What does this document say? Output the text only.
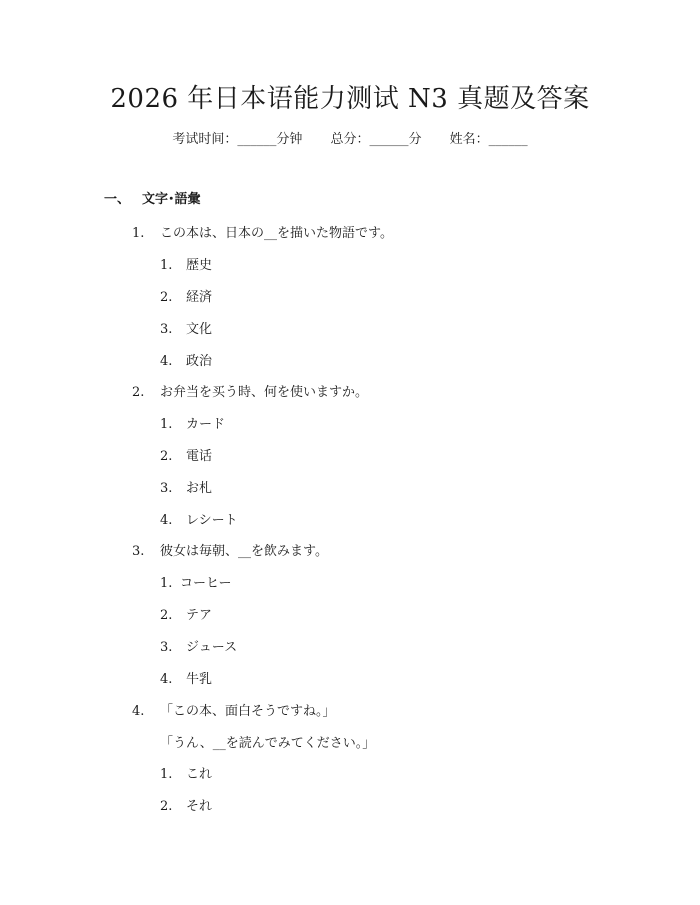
2026 年日本语能力测试 N3 真题及答案
考试时间：______分钟 总分：______分 姓名：______
一、 文字･語彙
1. この本は、日本の__を描いた物語です。
1. 歴史
2. 経済
3. 文化
4. 政治
2. お弁当を买う時、何を使いますか。
1. カード
2. 電话
3. お札
4. レシート
3. 彼女は毎朝、__を飲みます。
1. コーヒー
2. テア
3. ジュース
4. 牛乳
4. 「この本、面白そうですね。」
「うん、__を読んでみてください。」
1. これ
2. それ
